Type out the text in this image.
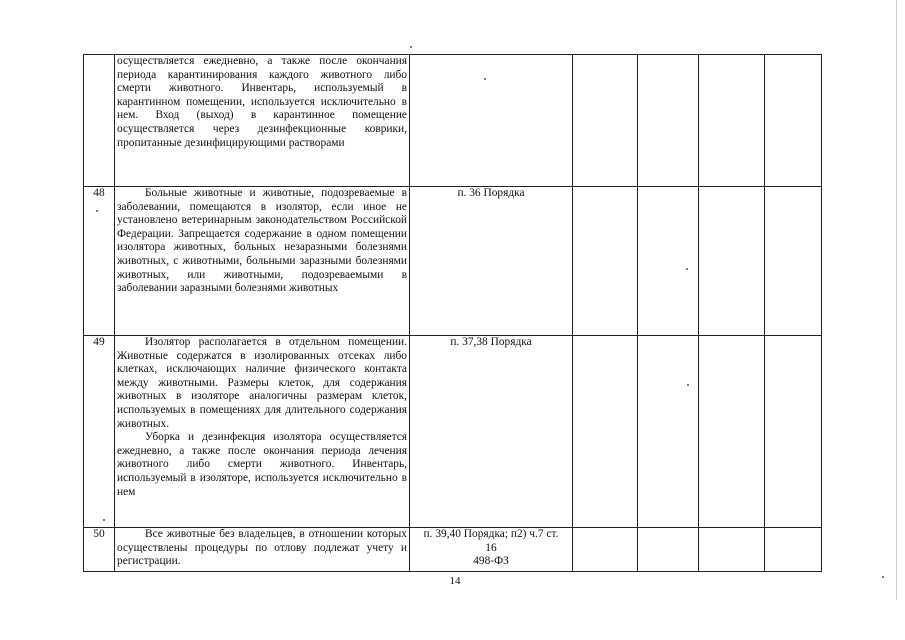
	осуществляется ежедневно, а также после окончания периода карантинирования каждого животного либо смерти животного. Инвентарь, используемый в карантинном помещении, используется исключительно в нем. Вход (выход) в карантинное помещение осуществляется через дезинфекционные коврики, пропитанные дезинфицирующими растворами					

48	Больные животные и животные, подозреваемые в заболевании, помещаются в изолятор, если иное не установлено ветеринарным законодательством Российской Федерации. Запрещается содержание в одном помещении изолятора животных, больных незаразными болезнями животных, с животными, больными заразными болезнями животных, или животными, подозреваемыми в заболевании заразными болезнями животных	п. 36 Порядка				

49	Изолятор располагается в отдельном помещении. Животные содержатся в изолированных отсеках либо клетках, исключающих наличие физического контакта между животными. Размеры клеток, для содержания животных в изоляторе аналогичны размерам клеток, используемых в помещениях для длительного содержания животных.
Уборка и дезинфекция изолятора осуществляется ежедневно, а также после окончания периода лечения животного либо смерти животного. Инвентарь, используемый в изоляторе, используется исключительно в нем	п. 37,38 Порядка				

50	Все животные без владельцев, в отношении которых осуществлены процедуры по отлову подлежат учету и регистрации.	п. 39,40 Порядка; п2) ч.7 ст.
16
498-ФЗ				

14
